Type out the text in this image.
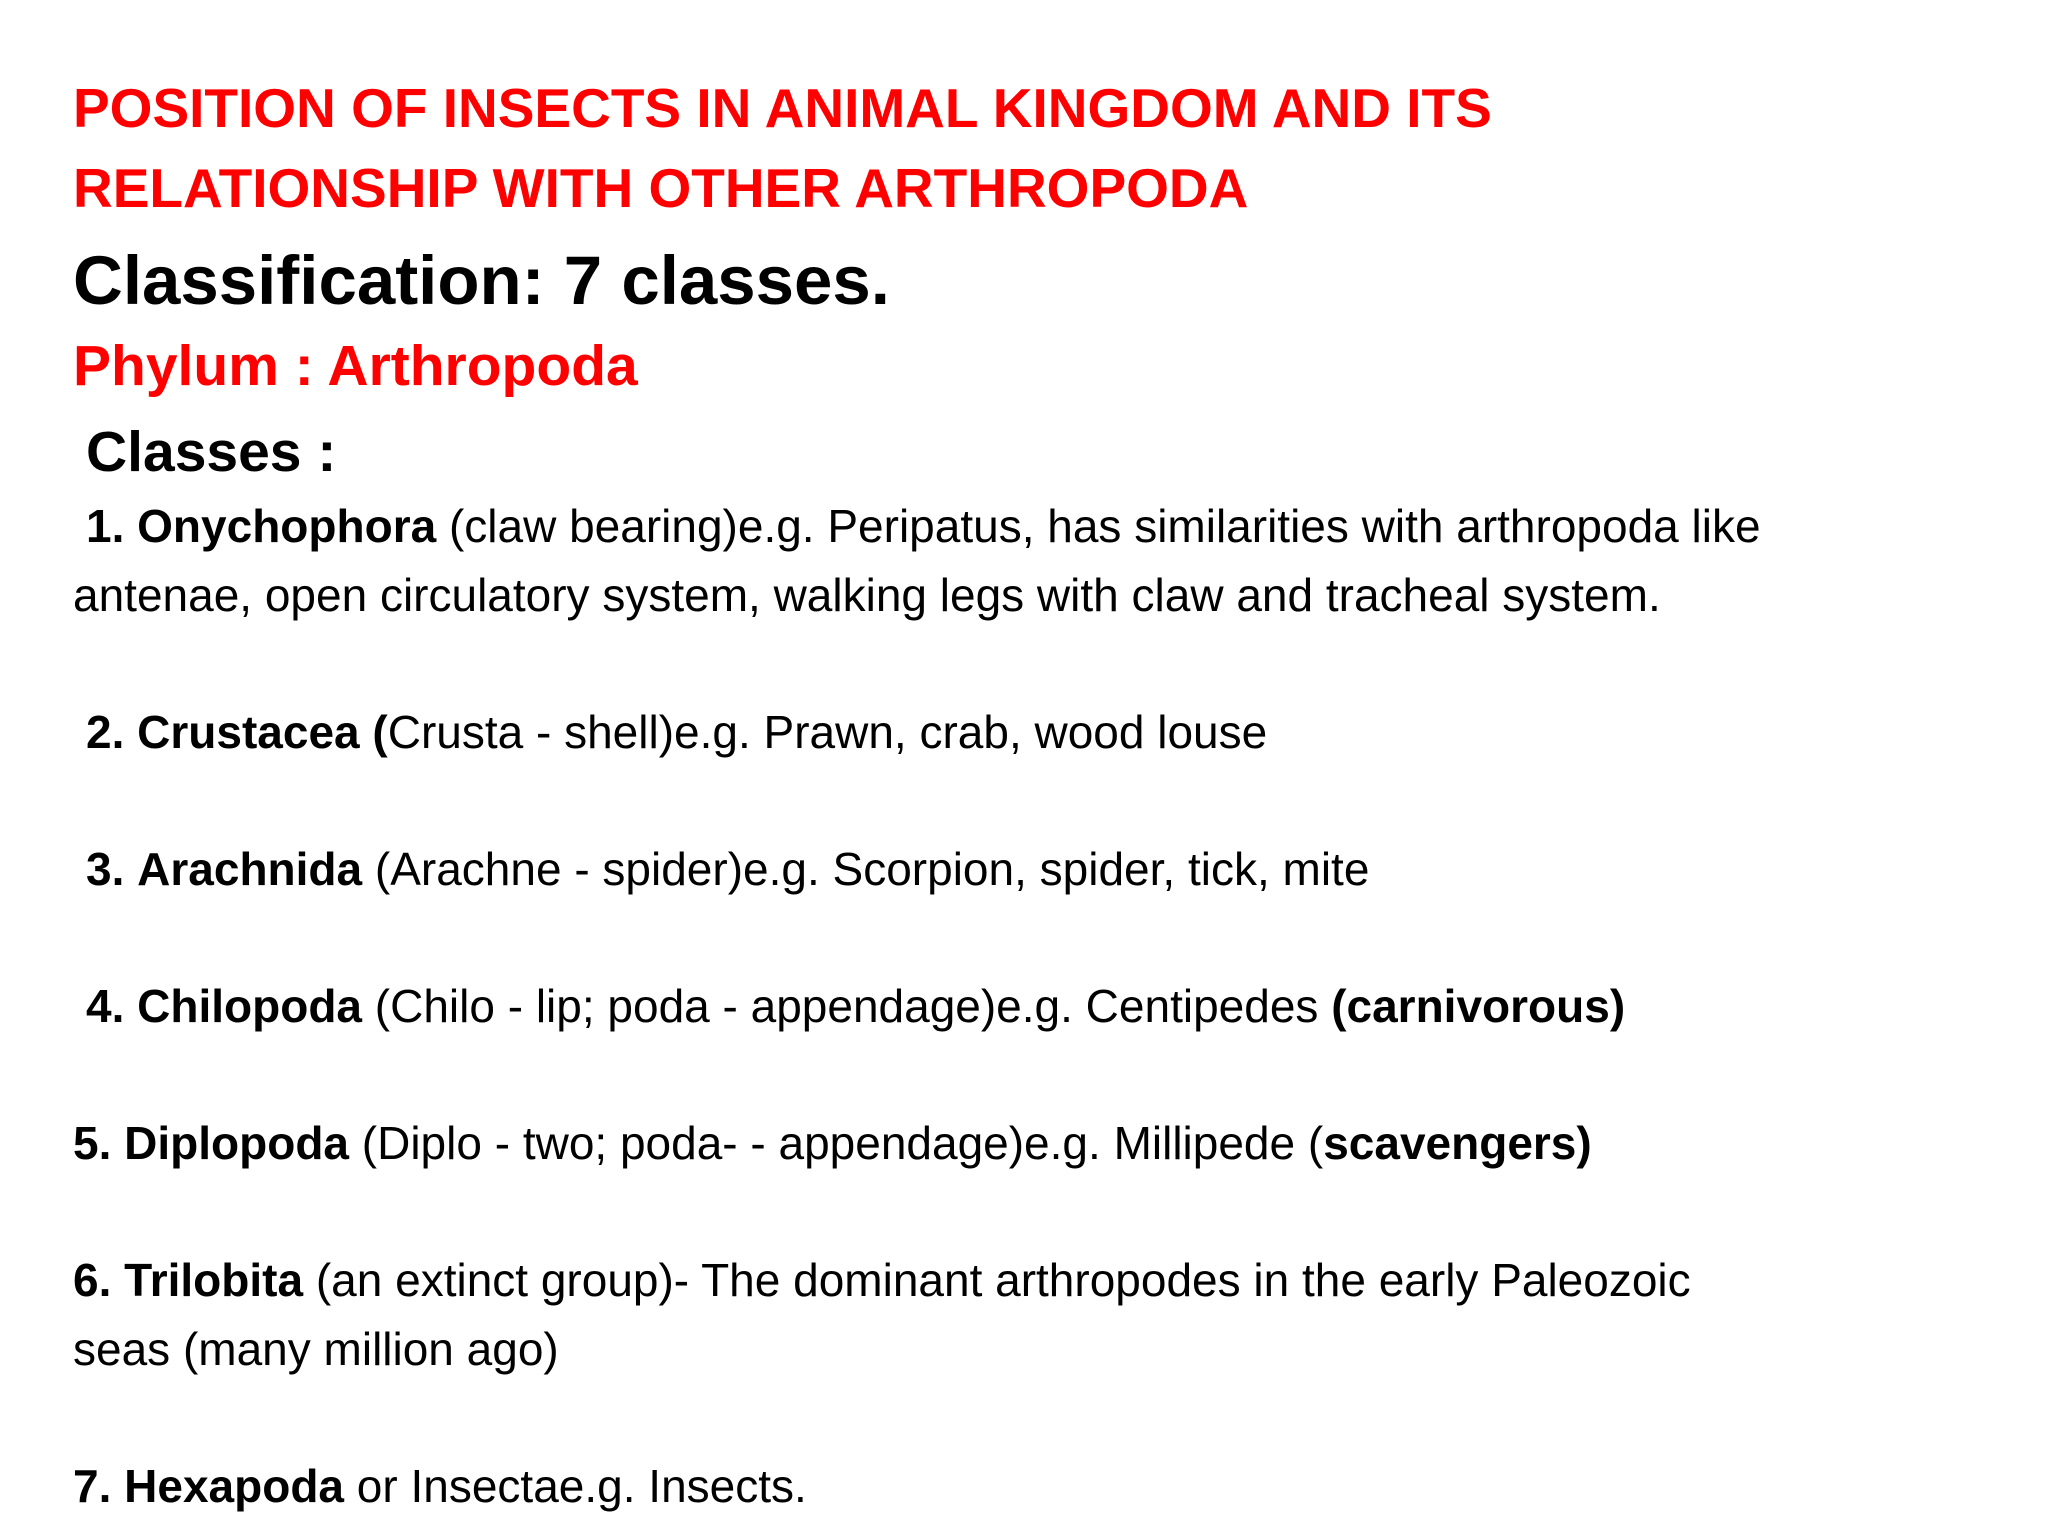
POSITION OF INSECTS IN ANIMAL KINGDOM AND ITS

RELATIONSHIP WITH OTHER ARTHROPODA

Classification: 7 classes.

Phylum : Arthropoda

Classes :

1. Onychophora (claw bearing)e.g. Peripatus, has similarities with arthropoda like

antenae, open circulatory system, walking legs with claw and tracheal system.

2. Crustacea (Crusta - shell)e.g. Prawn, crab, wood louse

3. Arachnida (Arachne - spider)e.g. Scorpion, spider, tick, mite

4. Chilopoda (Chilo - lip; poda - appendage)e.g. Centipedes (carnivorous)

5. Diplopoda (Diplo - two; poda- - appendage)e.g. Millipede (scavengers)

6. Trilobita (an extinct group)- The dominant arthropodes in the early Paleozoic

seas (many million ago)

7. Hexapoda or Insectae.g. Insects.
